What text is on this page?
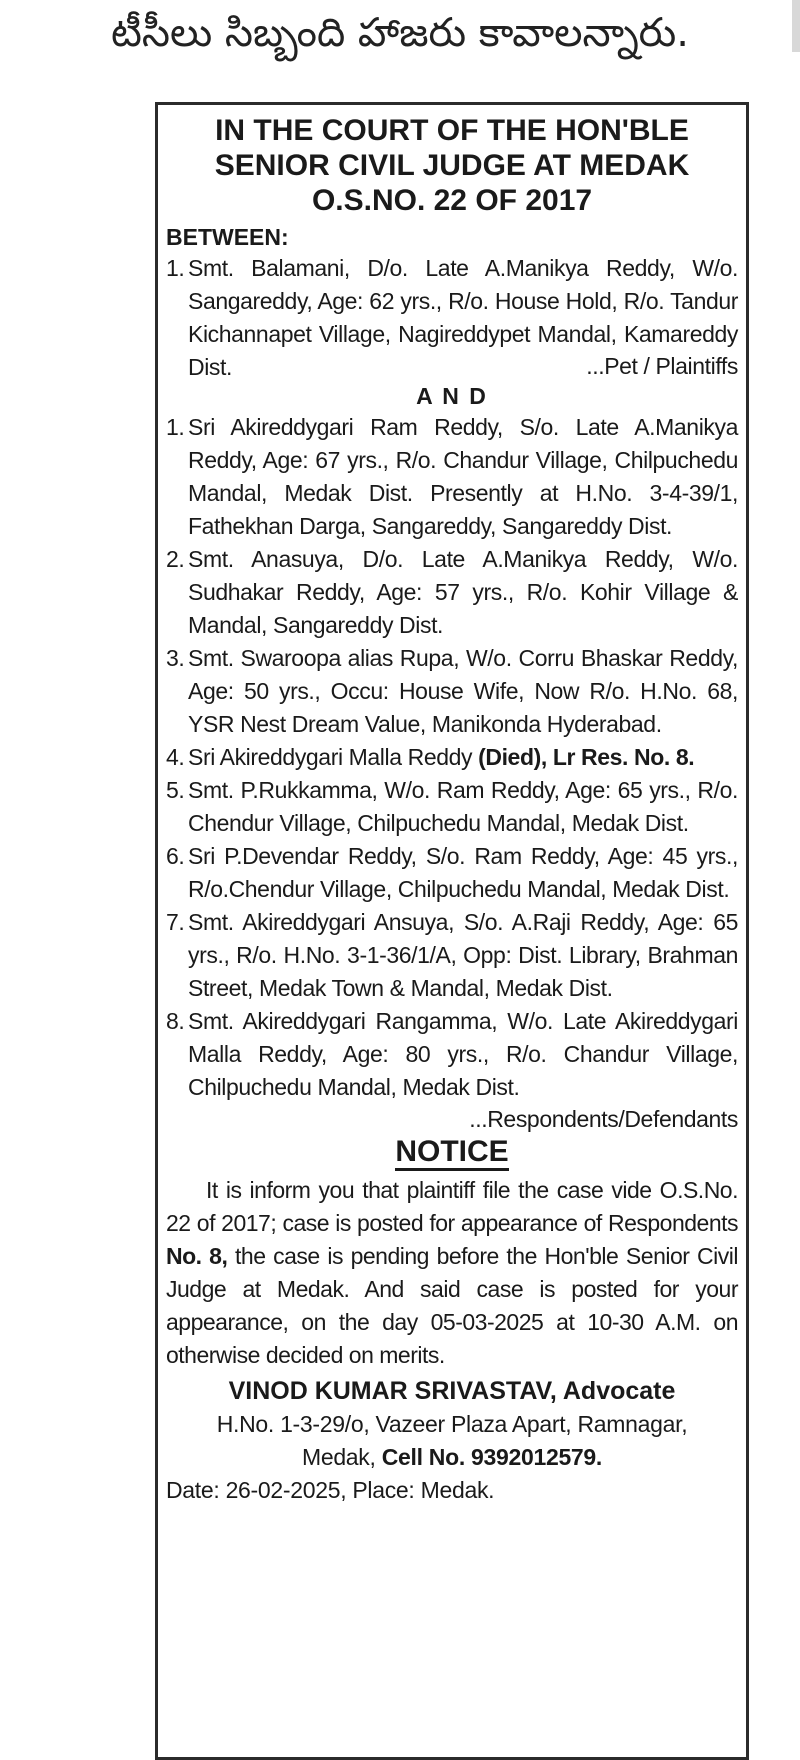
టీసీలు సిబ్బంది హాజరు కావాలన్నారు.

IN THE COURT OF THE HON'BLE

SENIOR CIVIL JUDGE AT MEDAK

O.S.NO. 22 OF 2017

BETWEEN:
1. Smt. Balamani, D/o. Late A.Manikya Reddy, W/o. Sangareddy, Age: 62 yrs., R/o. House Hold, R/o. Tandur Kichannapet Village, Nagireddypet Mandal, Kamareddy Dist.	...Pet / Plaintiffs
A N D
1. Sri Akireddygari Ram Reddy, S/o. Late A.Manikya Reddy, Age: 67 yrs., R/o. Chandur Village, Chilpuchedu Mandal, Medak Dist. Presently at H.No. 3-4-39/1, Fathekhan Darga, Sangareddy, Sangareddy Dist.
2. Smt. Anasuya, D/o. Late A.Manikya Reddy, W/o. Sudhakar Reddy, Age: 57 yrs., R/o. Kohir Village & Mandal, Sangareddy Dist.
3. Smt. Swaroopa alias Rupa, W/o. Corru Bhaskar Reddy, Age: 50 yrs., Occu: House Wife, Now R/o. H.No. 68, YSR Nest Dream Value, Manikonda Hyderabad.
4. Sri Akireddygari Malla Reddy (Died), Lr Res. No. 8.
5. Smt. P.Rukkamma, W/o. Ram Reddy, Age: 65 yrs., R/o. Chendur Village, Chilpuchedu Mandal, Medak Dist.
6. Sri P.Devendar Reddy, S/o. Ram Reddy, Age: 45 yrs., R/o.Chendur Village, Chilpuchedu Mandal, Medak Dist.
7. Smt. Akireddygari Ansuya, S/o. A.Raji Reddy, Age: 65 yrs., R/o. H.No. 3-1-36/1/A, Opp: Dist. Library, Brahman Street, Medak Town & Mandal, Medak Dist.
8. Smt. Akireddygari Rangamma, W/o. Late Akireddygari Malla Reddy, Age: 80 yrs., R/o. Chandur Village, Chilpuchedu Mandal, Medak Dist.
...Respondents/Defendants
NOTICE
It is inform you that plaintiff file the case vide O.S.No. 22 of 2017; case is posted for appearance of Respondents No. 8, the case is pending before the Hon'ble Senior Civil Judge at Medak. And said case is posted for your appearance, on the day 05-03-2025 at 10-30 A.M. on otherwise decided on merits.
VINOD KUMAR SRIVASTAV, Advocate
H.No. 1-3-29/o, Vazeer Plaza Apart, Ramnagar,
Medak, Cell No. 9392012579.
Date: 26-02-2025, Place: Medak.
